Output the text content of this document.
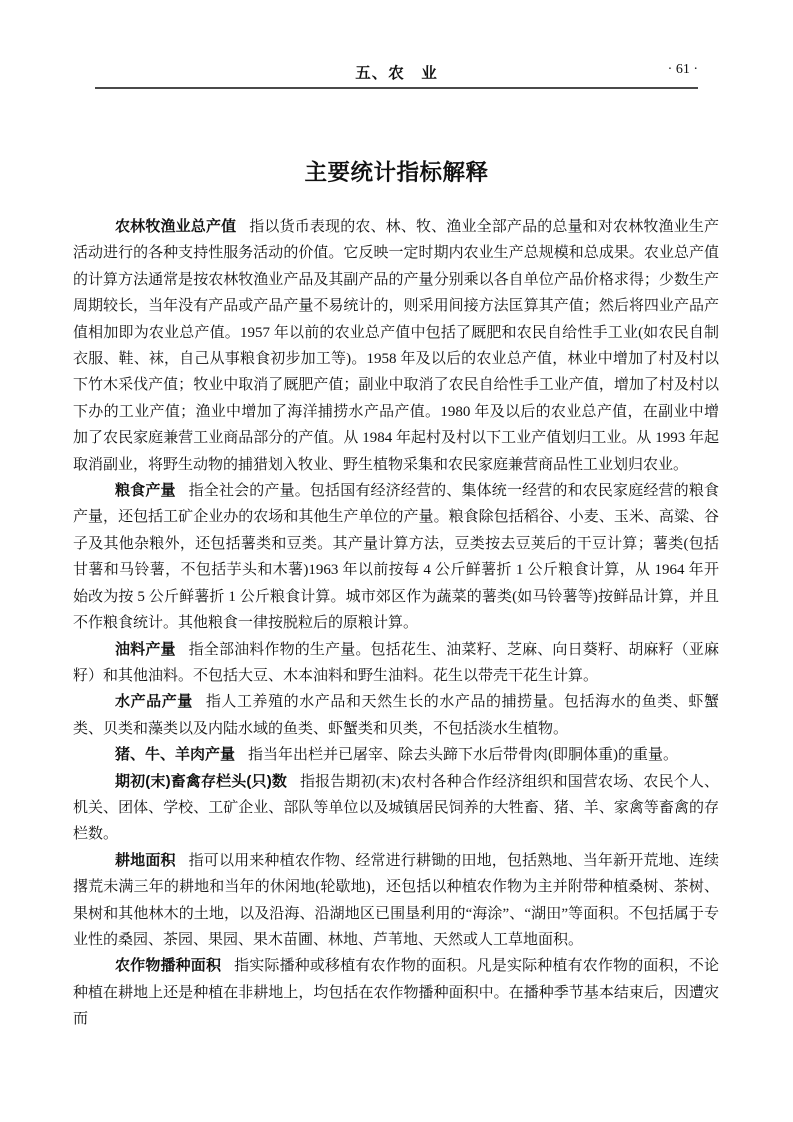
五、农　业	· 61 ·
主要统计指标解释

农林牧渔业总产值 指以货币表现的农、林、牧、渔业全部产品的总量和对农林牧渔业生产活动进行的各种支持性服务活动的价值。它反映一定时期内农业生产总规模和总成果。农业总产值的计算方法通常是按农林牧渔业产品及其副产品的产量分别乘以各自单位产品价格求得；少数生产周期较长，当年没有产品或产品产量不易统计的，则采用间接方法匡算其产值；然后将四业产品产值相加即为农业总产值。1957 年以前的农业总产值中包括了厩肥和农民自给性手工业(如农民自制衣服、鞋、袜，自己从事粮食初步加工等)。1958 年及以后的农业总产值，林业中增加了村及村以下竹木采伐产值；牧业中取消了厩肥产值；副业中取消了农民自给性手工业产值，增加了村及村以下办的工业产值；渔业中增加了海洋捕捞水产品产值。1980 年及以后的农业总产值，在副业中增加了农民家庭兼营工业商品部分的产值。从 1984 年起村及村以下工业产值划归工业。从 1993 年起取消副业，将野生动物的捕猎划入牧业、野生植物采集和农民家庭兼营商品性工业划归农业。

粮食产量 指全社会的产量。包括国有经济经营的、集体统一经营的和农民家庭经营的粮食产量，还包括工矿企业办的农场和其他生产单位的产量。粮食除包括稻谷、小麦、玉米、高粱、谷子及其他杂粮外，还包括薯类和豆类。其产量计算方法，豆类按去豆荚后的干豆计算；薯类(包括甘薯和马铃薯，不包括芋头和木薯)1963 年以前按每 4 公斤鲜薯折 1 公斤粮食计算，从 1964 年开始改为按 5 公斤鲜薯折 1 公斤粮食计算。城市郊区作为蔬菜的薯类(如马铃薯等)按鲜品计算，并且不作粮食统计。其他粮食一律按脱粒后的原粮计算。

油料产量 指全部油料作物的生产量。包括花生、油菜籽、芝麻、向日葵籽、胡麻籽（亚麻籽）和其他油料。不包括大豆、木本油料和野生油料。花生以带壳干花生计算。

水产品产量 指人工养殖的水产品和天然生长的水产品的捕捞量。包括海水的鱼类、虾蟹类、贝类和藻类以及内陆水域的鱼类、虾蟹类和贝类，不包括淡水生植物。

猪、牛、羊肉产量 指当年出栏并已屠宰、除去头蹄下水后带骨肉(即胴体重)的重量。

期初(末)畜禽存栏头(只)数 指报告期初(末)农村各种合作经济组织和国营农场、农民个人、机关、团体、学校、工矿企业、部队等单位以及城镇居民饲养的大牲畜、猪、羊、家禽等畜禽的存栏数。

耕地面积 指可以用来种植农作物、经常进行耕锄的田地，包括熟地、当年新开荒地、连续撂荒未满三年的耕地和当年的休闲地(轮歇地)，还包括以种植农作物为主并附带种植桑树、茶树、果树和其他林木的土地，以及沿海、沿湖地区已围垦利用的“海涂”、“湖田”等面积。不包括属于专业性的桑园、茶园、果园、果木苗圃、林地、芦苇地、天然或人工草地面积。

农作物播种面积 指实际播种或移植有农作物的面积。凡是实际种植有农作物的面积，不论种植在耕地上还是种植在非耕地上，均包括在农作物播种面积中。在播种季节基本结束后，因遭灾而
